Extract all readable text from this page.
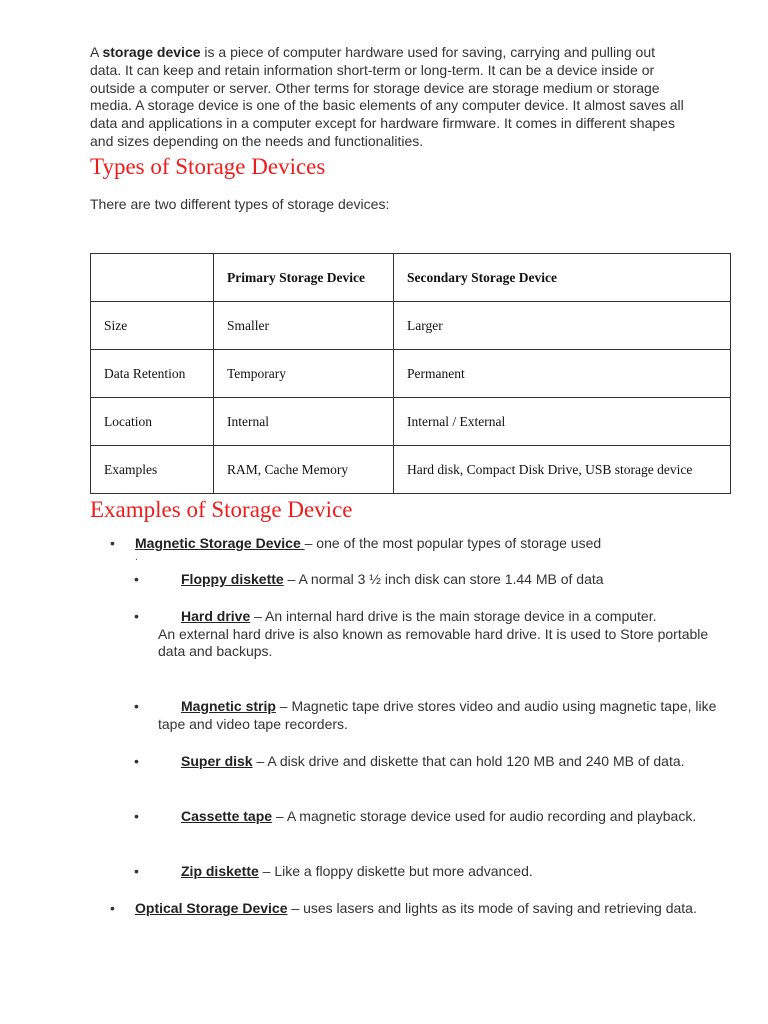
A storage device is a piece of computer hardware used for saving, carrying and pulling out data. It can keep and retain information short-term or long-term. It can be a device inside or outside a computer or server. Other terms for storage device are storage medium or storage media. A storage device is one of the basic elements of any computer device. It almost saves all data and applications in a computer except for hardware firmware. It comes in different shapes and sizes depending on the needs and functionalities.

Types of Storage Devices

There are two different types of storage devices:

	Primary Storage Device	Secondary Storage Device
Size	Smaller	Larger
Data Retention	Temporary	Permanent
Location	Internal	Internal / External
Examples	RAM, Cache Memory	Hard disk, Compact Disk Drive, USB storage device
Examples of Storage Device
• Magnetic Storage Device – one of the most popular types of storage used
.
•	Floppy diskette – A normal 3 ½ inch disk can store 1.44 MB of data
•	Hard drive – An internal hard drive is the main storage device in a computer.
An external hard drive is also known as removable hard drive. It is used to Store portable data and backups.
•	Magnetic strip – Magnetic tape drive stores video and audio using magnetic tape, like tape and video tape recorders.
•	Super disk – A disk drive and diskette that can hold 120 MB and 240 MB of data.
•	Cassette tape – A magnetic storage device used for audio recording and playback.
•	Zip diskette – Like a floppy diskette but more advanced.
• Optical Storage Device – uses lasers and lights as its mode of saving and retrieving data.
